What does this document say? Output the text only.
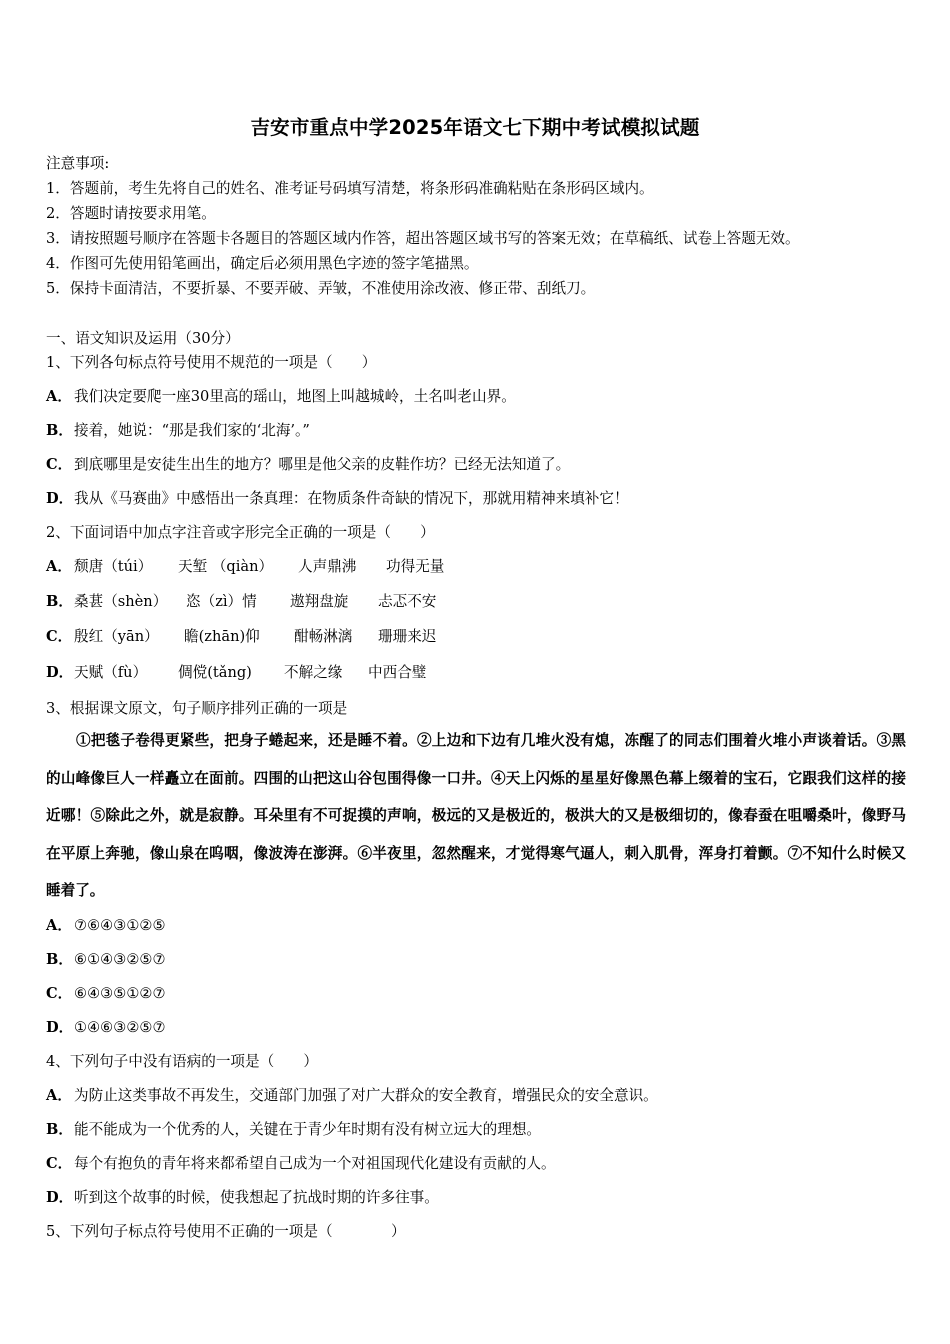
吉安市重点中学2025年语文七下期中考试模拟试题
注意事项:
1．答题前，考生先将自己的姓名、准考证号码填写清楚，将条形码准确粘贴在条形码区域内。
2．答题时请按要求用笔。
3．请按照题号顺序在答题卡各题目的答题区域内作答，超出答题区域书写的答案无效；在草稿纸、试卷上答题无效。
4．作图可先使用铅笔画出，确定后必须用黑色字迹的签字笔描黑。
5．保持卡面清洁，不要折暴、不要弄破、弄皱，不准使用涂改液、修正带、刮纸刀。
一、语文知识及运用（30分）
1、下列各句标点符号使用不规范的一项是（　　）
A． 我们决定要爬一座30里高的瑶山，地图上叫越城岭，土名叫老山界。
B．接着，她说：“那是我们家的‘北海’。”
C． 到底哪里是安徒生出生的地方？哪里是他父亲的皮鞋作坊？已经无法知道了。
D．我从《马赛曲》中感悟出一条真理：在物质条件奇缺的情况下，那就用精神来填补它！
2、下面词语中加点字注音或字形完全正确的一项是（　　）
A． 颓唐（túi） 天堑 （qiàn） 人声鼎沸 功得无量
B．桑葚（shèn） 恣（zì）情 遨翔盘旋 忐忑不安
C． 殷红（yān） 瞻(zhān)仰 酣畅淋漓 珊珊来迟
D．天赋（fù） 倜傥(tǎng) 不解之缘 中西合璧
3、根据课文原文，句子顺序排列正确的一项是

①把毯子卷得更紧些，把身子蜷起来，还是睡不着。②上边和下边有几堆火没有熄，冻醒了的同志们围着火堆小声谈着话。③黑的山峰像巨人一样矗立在面前。四围的山把这山谷包围得像一口井。④天上闪烁的星星好像黑色幕上缀着的宝石，它跟我们这样的接近哪！⑤除此之外，就是寂静。耳朵里有不可捉摸的声响，极远的又是极近的，极洪大的又是极细切的，像春蚕在咀嚼桑叶，像野马在平原上奔驰，像山泉在呜咽，像波涛在澎湃。⑥半夜里，忽然醒来，才觉得寒气逼人，刺入肌骨，浑身打着颤。⑦不知什么时候又睡着了。

A． ⑦⑥④③①②⑤
B．⑥①④③②⑤⑦
C． ⑥④③⑤①②⑦
D．①④⑥③②⑤⑦
4、下列句子中没有语病的一项是（　　）
A． 为防止这类事故不再发生，交通部门加强了对广大群众的安全教育，增强民众的安全意识。
B．能不能成为一个优秀的人，关键在于青少年时期有没有树立远大的理想。
C． 每个有抱负的青年将来都希望自己成为一个对祖国现代化建设有贡献的人。
D．听到这个故事的时候，使我想起了抗战时期的许多往事。
5、下列句子标点符号使用不正确的一项是（　　　　）
